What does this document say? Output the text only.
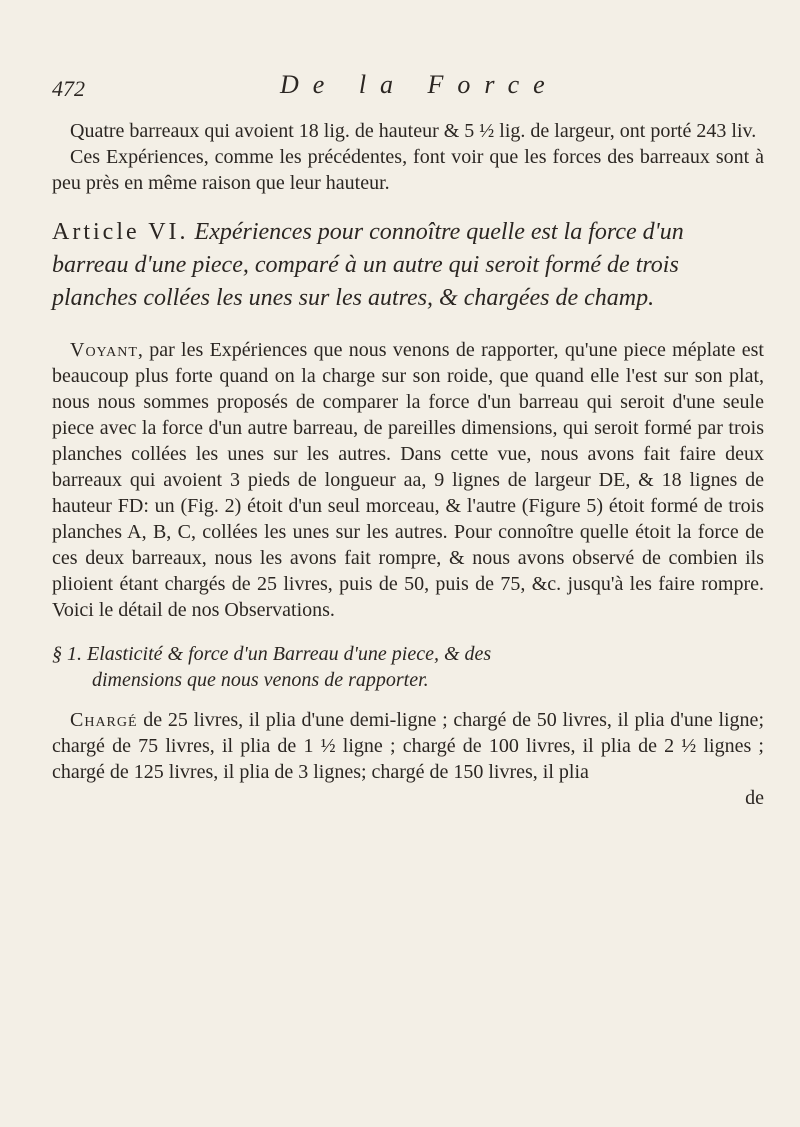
472	De la Force

Quatre barreaux qui avoient 18 lig. de hauteur & 5 ½ lig. de largeur, ont porté 243 liv.

Ces Expériences, comme les précédentes, font voir que les forces des barreaux sont à peu près en même raison que leur hauteur.

Article VI. Expériences pour connoître quelle est la force d'un barreau d'une piece, comparé à un autre qui seroit formé de trois planches collées les unes sur les autres, & chargées de champ.

Voyant, par les Expériences que nous venons de rapporter, qu'une piece méplate est beaucoup plus forte quand on la charge sur son roide, que quand elle l'est sur son plat, nous nous sommes proposés de comparer la force d'un barreau qui seroit d'une seule piece avec la force d'un autre barreau, de pareilles dimensions, qui seroit formé par trois planches collées les unes sur les autres. Dans cette vue, nous avons fait faire deux barreaux qui avoient 3 pieds de longueur aa, 9 lignes de largeur DE, & 18 lignes de hauteur FD: un (Fig. 2) étoit d'un seul morceau, & l'autre (Figure 5) étoit formé de trois planches A, B, C, collées les unes sur les autres. Pour connoître quelle étoit la force de ces deux barreaux, nous les avons fait rompre, & nous avons observé de combien ils plioient étant chargés de 25 livres, puis de 50, puis de 75, &c. jusqu'à les faire rompre. Voici le détail de nos Observations.

§ 1. Elasticité & force d'un Barreau d'une piece, & des
dimensions que nous venons de rapporter.

Chargé de 25 livres, il plia d'une demi-ligne ; chargé de 50 livres, il plia d'une ligne; chargé de 75 livres, il plia de 1 ½ ligne ; chargé de 100 livres, il plia de 2 ½ lignes ; chargé de 125 livres, il plia de 3 lignes; chargé de 150 livres, il plia

de
